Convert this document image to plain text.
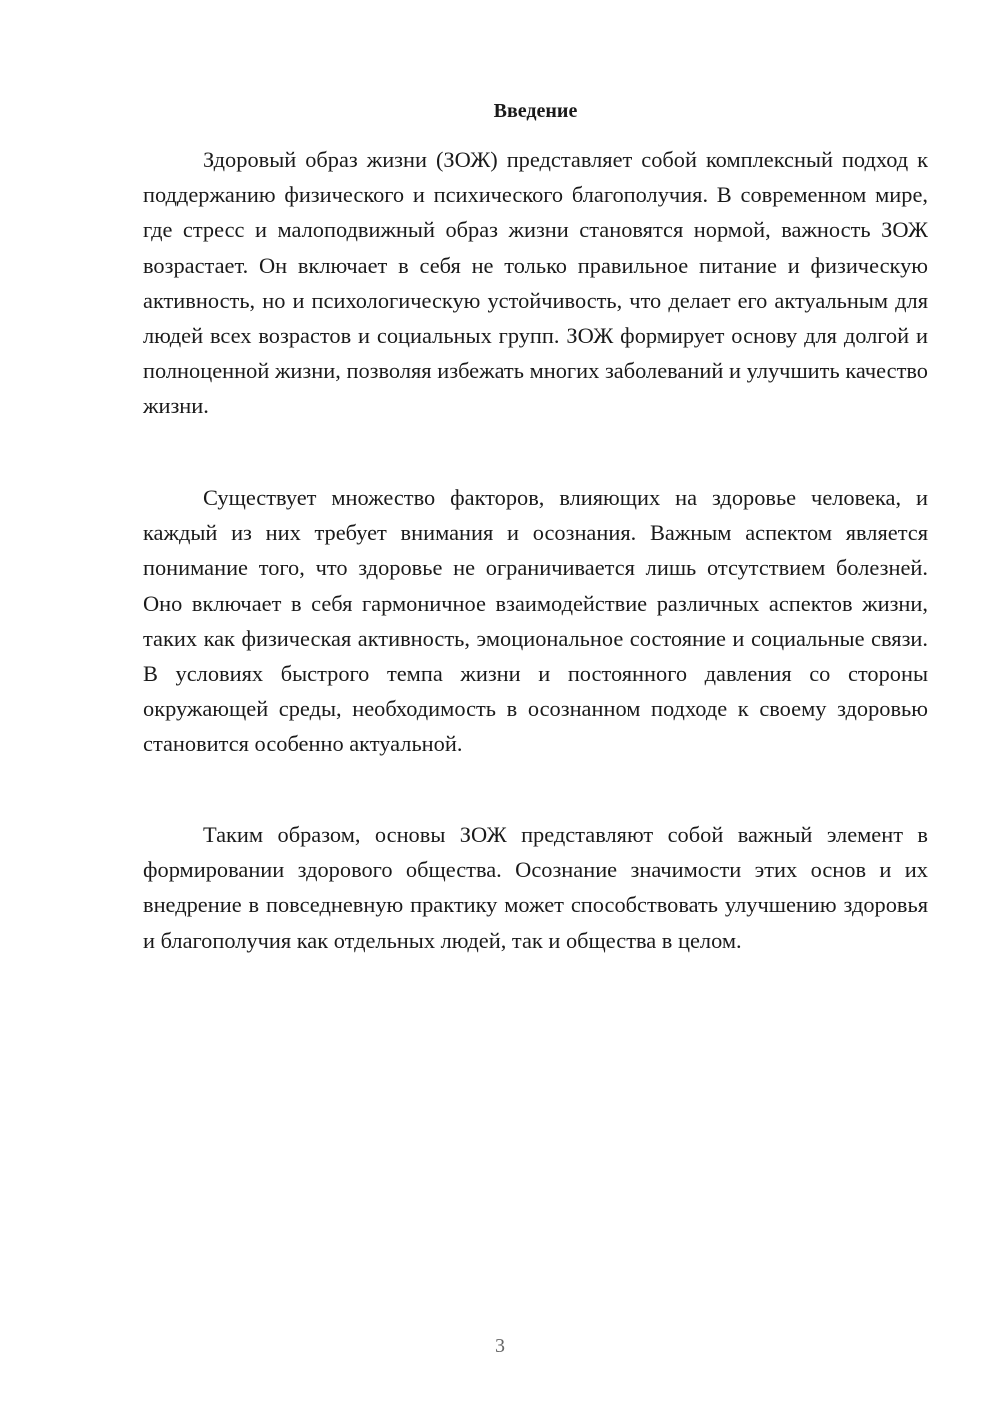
Введение

Здоровый образ жизни (ЗОЖ) представляет собой комплексный подход к поддержанию физического и психического благополучия. В современном мире, где стресс и малоподвижный образ жизни становятся нормой, важность ЗОЖ возрастает. Он включает в себя не только правильное питание и физическую активность, но и психологическую устойчивость, что делает его актуальным для людей всех возрастов и социальных групп. ЗОЖ формирует основу для долгой и полноценной жизни, позволяя избежать многих заболеваний и улучшить качество жизни.

Существует множество факторов, влияющих на здоровье человека, и каждый из них требует внимания и осознания. Важным аспектом является понимание того, что здоровье не ограничивается лишь отсутствием болезней. Оно включает в себя гармоничное взаимодействие различных аспектов жизни, таких как физическая активность, эмоциональное состояние и социальные связи. В условиях быстрого темпа жизни и постоянного давления со стороны окружающей среды, необходимость в осознанном подходе к своему здоровью становится особенно актуальной.

Таким образом, основы ЗОЖ представляют собой важный элемент в формировании здорового общества. Осознание значимости этих основ и их внедрение в повседневную практику может способствовать улучшению здоровья и благополучия как отдельных людей, так и общества в целом.

3
